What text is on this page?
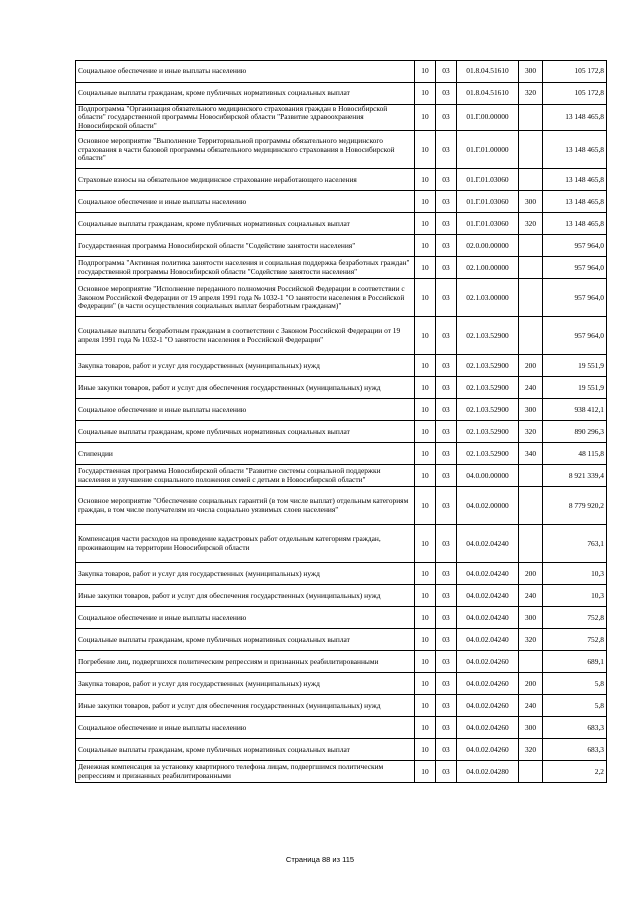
Социальное обеспечение и иные выплаты населению	10	03	01.8.04.51610	300	105 172,8
Социальные выплаты гражданам, кроме публичных нормативных социальных выплат	10	03	01.8.04.51610	320	105 172,8
Подпрограмма "Организация обязательного медицинского страхования граждан в Новосибирской области" государственной программы Новосибирской области "Развитие здравоохранения Новосибирской области"	10	03	01.Г.00.00000		13 148 465,8
Основное мероприятие "Выполнение Территориальной программы обязательного медицинского страхования в части базовой программы обязательного медицинского страхования в Новосибирской области"	10	03	01.Г.01.00000		13 148 465,8
Страховые взносы на обязательное медицинское страхование неработающего населения	10	03	01.Г.01.03060		13 148 465,8
Социальное обеспечение и иные выплаты населению	10	03	01.Г.01.03060	300	13 148 465,8
Социальные выплаты гражданам, кроме публичных нормативных социальных выплат	10	03	01.Г.01.03060	320	13 148 465,8
Государственная программа Новосибирской области "Содействие занятости населения"	10	03	02.0.00.00000		957 964,0
Подпрограмма "Активная политика занятости населения и социальная поддержка безработных граждан" государственной программы Новосибирской области "Содействие занятости населения"	10	03	02.1.00.00000		957 964,0
Основное мероприятие "Исполнение переданного полномочия Российской Федерации в соответствии с Законом Российской Федерации от 19 апреля 1991 года № 1032-1 "О занятости населения в Российской Федерации" (в части осуществления социальных выплат безработным гражданам)"	10	03	02.1.03.00000		957 964,0
Социальные выплаты безработным гражданам в соответствии с Законом Российской Федерации от 19 апреля 1991 года № 1032-1 "О занятости населения в Российской Федерации"	10	03	02.1.03.52900		957 964,0
Закупка товаров, работ и услуг для государственных (муниципальных) нужд	10	03	02.1.03.52900	200	19 551,9
Иные закупки товаров, работ и услуг для обеспечения государственных (муниципальных) нужд	10	03	02.1.03.52900	240	19 551,9
Социальное обеспечение и иные выплаты населению	10	03	02.1.03.52900	300	938 412,1
Социальные выплаты гражданам, кроме публичных нормативных социальных выплат	10	03	02.1.03.52900	320	890 296,3
Стипендии	10	03	02.1.03.52900	340	48 115,8
Государственная программа Новосибирской области "Развитие системы социальной поддержки населения и улучшение социального положения семей с детьми в Новосибирской области"	10	03	04.0.00.00000		8 921 339,4
Основное мероприятие "Обеспечение социальных гарантий (в том числе выплат) отдельным категориям граждан, в том числе получателям из числа социально уязвимых слоев населения"	10	03	04.0.02.00000		8 779 920,2
Компенсация части расходов на проведение кадастровых работ отдельным категориям граждан, проживающим на территории Новосибирской области	10	03	04.0.02.04240		763,1
Закупка товаров, работ и услуг для государственных (муниципальных) нужд	10	03	04.0.02.04240	200	10,3
Иные закупки товаров, работ и услуг для обеспечения государственных (муниципальных) нужд	10	03	04.0.02.04240	240	10,3
Социальное обеспечение и иные выплаты населению	10	03	04.0.02.04240	300	752,8
Социальные выплаты гражданам, кроме публичных нормативных социальных выплат	10	03	04.0.02.04240	320	752,8
Погребение лиц, подвергшихся политическим репрессиям и признанных реабилитированными	10	03	04.0.02.04260		689,1
Закупка товаров, работ и услуг для государственных (муниципальных) нужд	10	03	04.0.02.04260	200	5,8
Иные закупки товаров, работ и услуг для обеспечения государственных (муниципальных) нужд	10	03	04.0.02.04260	240	5,8
Социальное обеспечение и иные выплаты населению	10	03	04.0.02.04260	300	683,3
Социальные выплаты гражданам, кроме публичных нормативных социальных выплат	10	03	04.0.02.04260	320	683,3
Денежная компенсация за установку квартирного телефона лицам, подвергшимся политическим репрессиям и признанных реабилитированными	10	03	04.0.02.04280		2,2
Страница 88 из 115
